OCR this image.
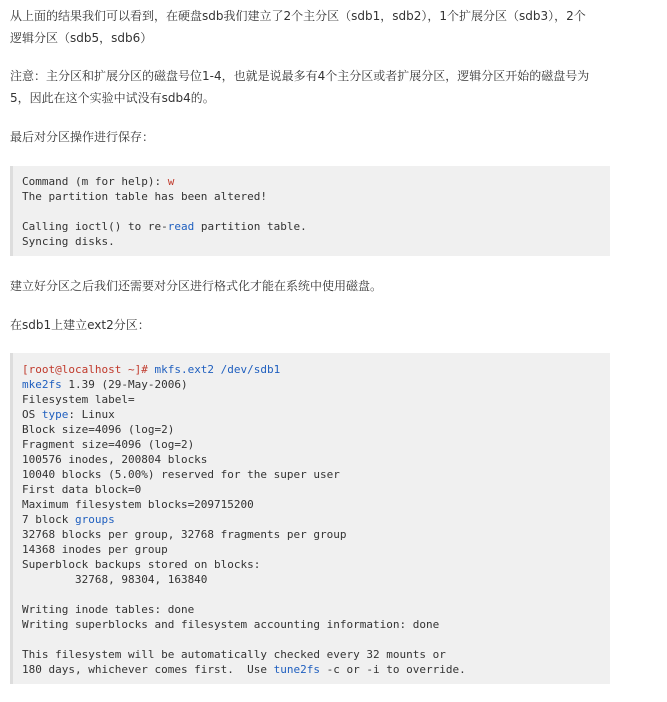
从上面的结果我们可以看到，在硬盘sdb我们建立了2个主分区（sdb1，sdb2），1个扩展分区（sdb3），2个
逻辑分区（sdb5，sdb6）

注意：主分区和扩展分区的磁盘号位1-4，也就是说最多有4个主分区或者扩展分区，逻辑分区开始的磁盘号为
5，因此在这个实验中试没有sdb4的。

最后对分区操作进行保存：

Command (m for help): w
The partition table has been altered!

Calling ioctl() to re-read partition table.
Syncing disks.

建立好分区之后我们还需要对分区进行格式化才能在系统中使用磁盘。

在sdb1上建立ext2分区：

[root@localhost ~]# mkfs.ext2 /dev/sdb1
mke2fs 1.39 (29-May-2006)
Filesystem label=
OS type: Linux
Block size=4096 (log=2)
Fragment size=4096 (log=2)
100576 inodes, 200804 blocks
10040 blocks (5.00%) reserved for the super user
First data block=0
Maximum filesystem blocks=209715200
7 block groups
32768 blocks per group, 32768 fragments per group
14368 inodes per group
Superblock backups stored on blocks:
32768, 98304, 163840

Writing inode tables: done
Writing superblocks and filesystem accounting information: done

This filesystem will be automatically checked every 32 mounts or
180 days, whichever comes first.  Use tune2fs -c or -i to override.
